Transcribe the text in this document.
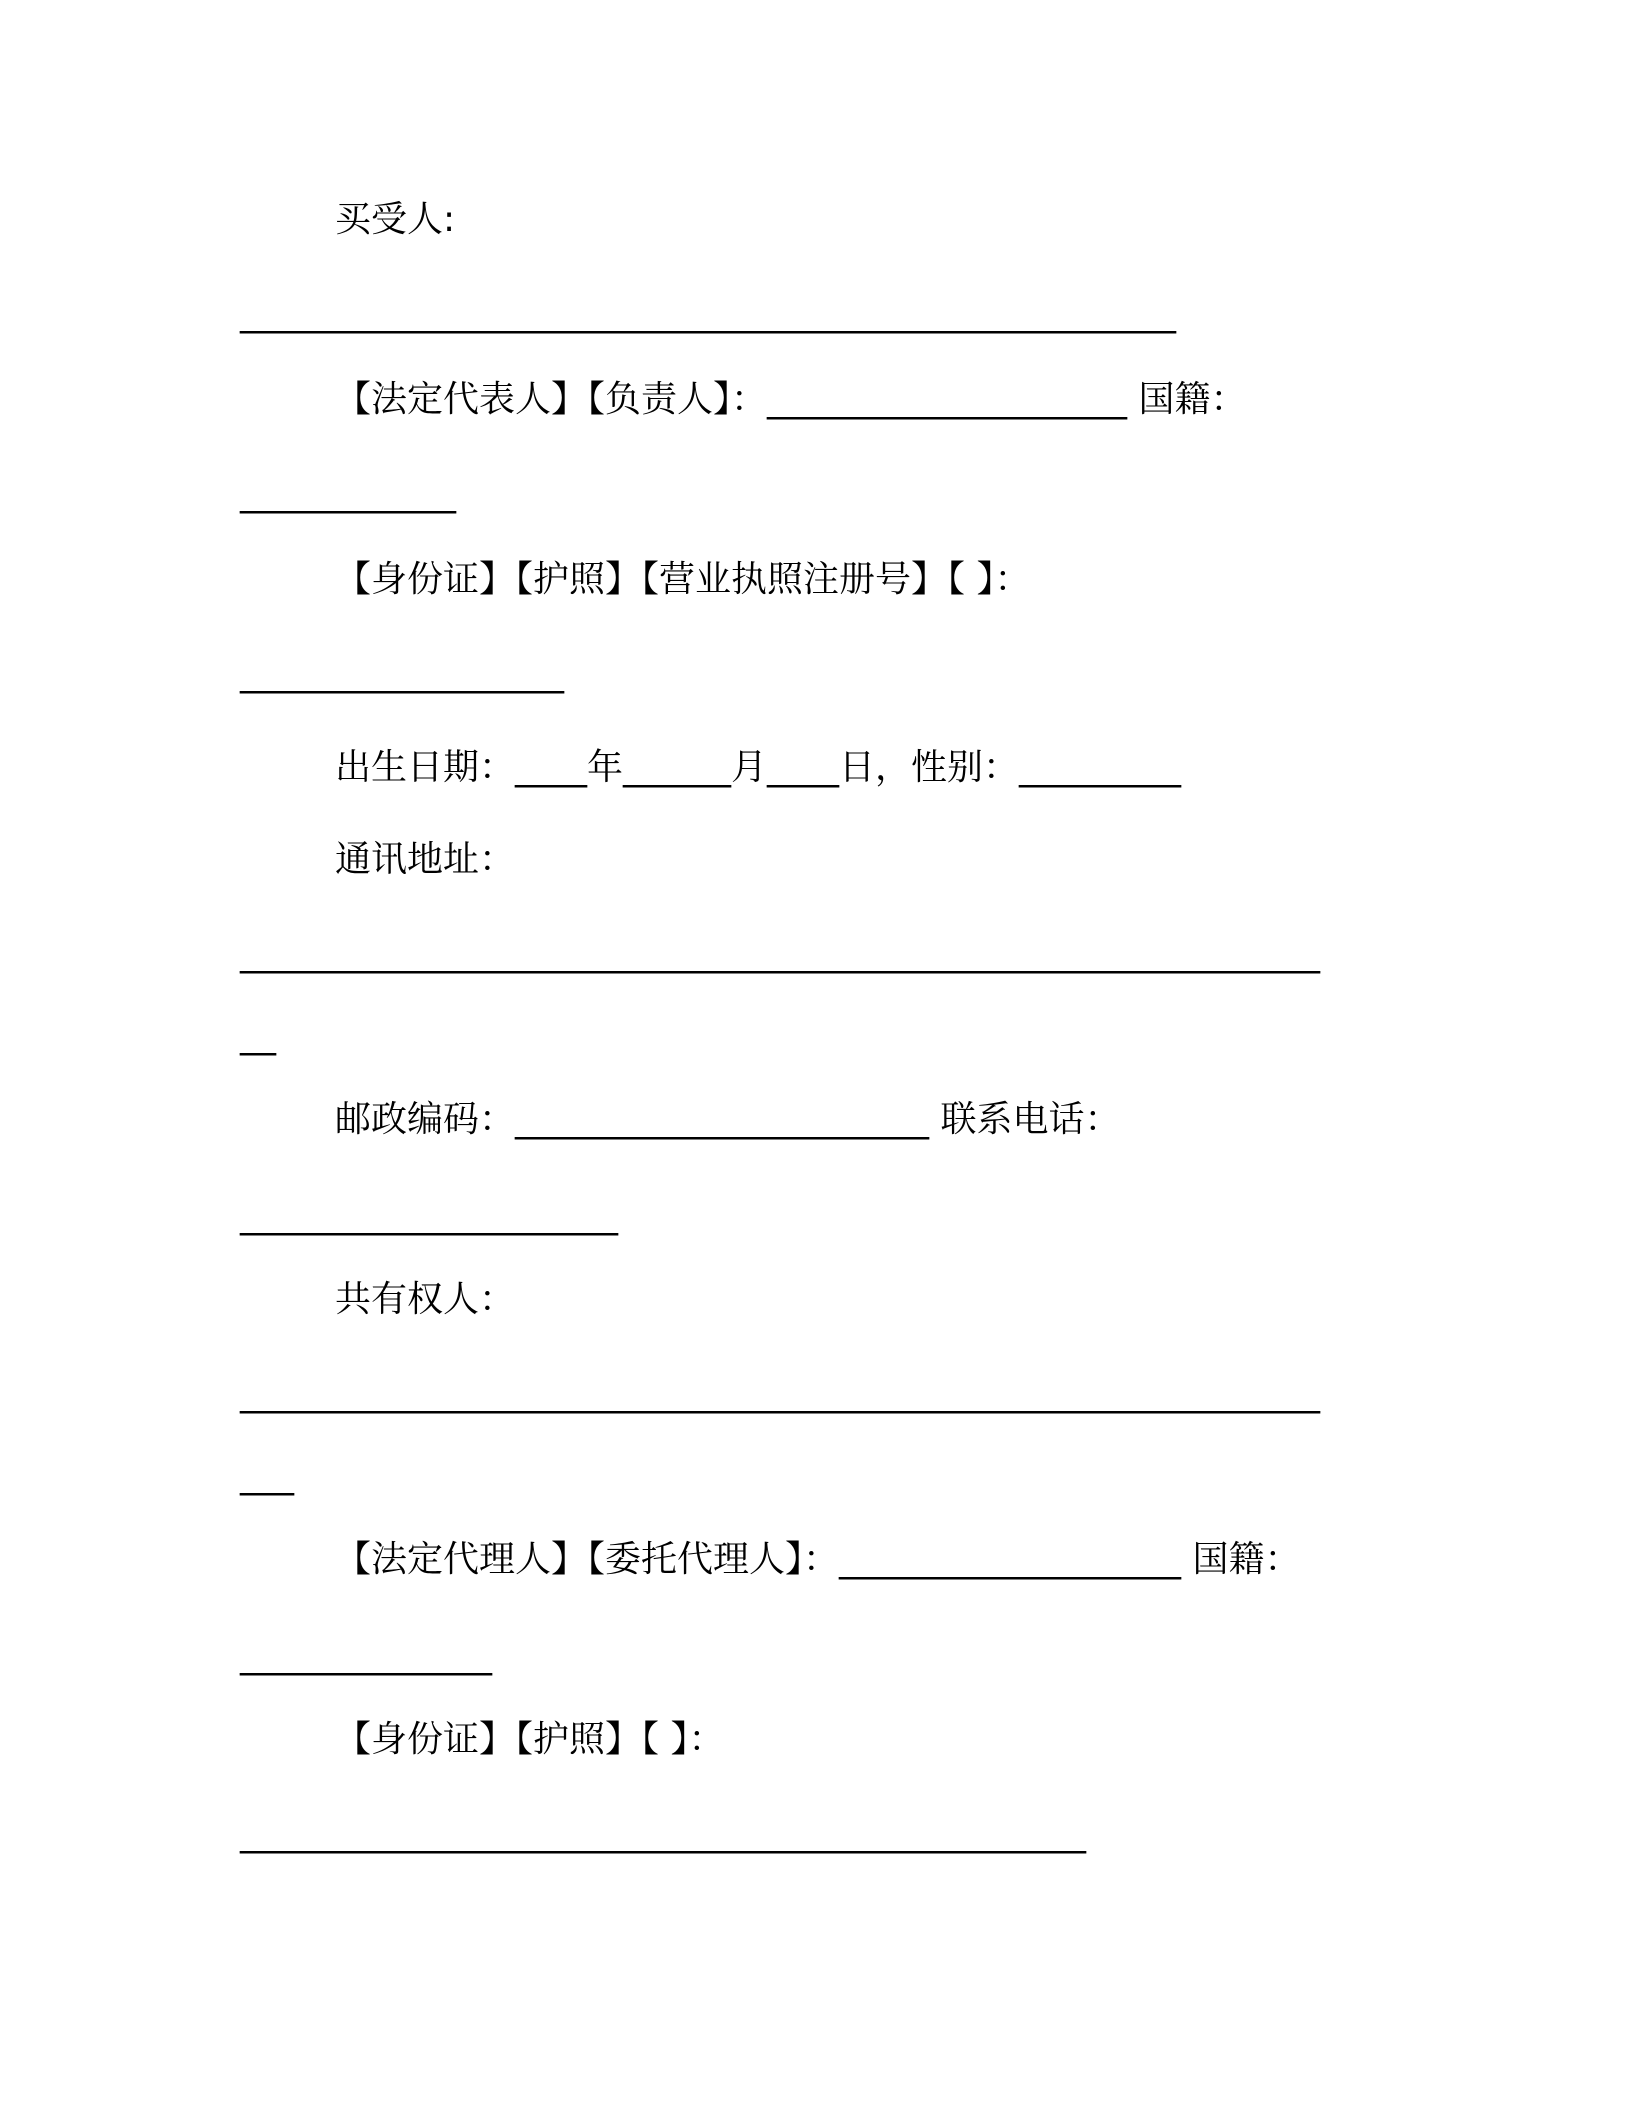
买受人:
____________________________________________________
【法定代表人】【负责人】：____________________ 国籍：
____________
【身份证】【护照】【营业执照注册号】【 】：
__________________
出生日期：____年______月____日，性别：_________
通讯地址：
____________________________________________________________
__
邮政编码：_______________________ 联系电话：
_____________________
共有权人：
____________________________________________________________
___
【法定代理人】【委托代理人】：___________________ 国籍：
______________
【身份证】【护照】【 】：
_______________________________________________
